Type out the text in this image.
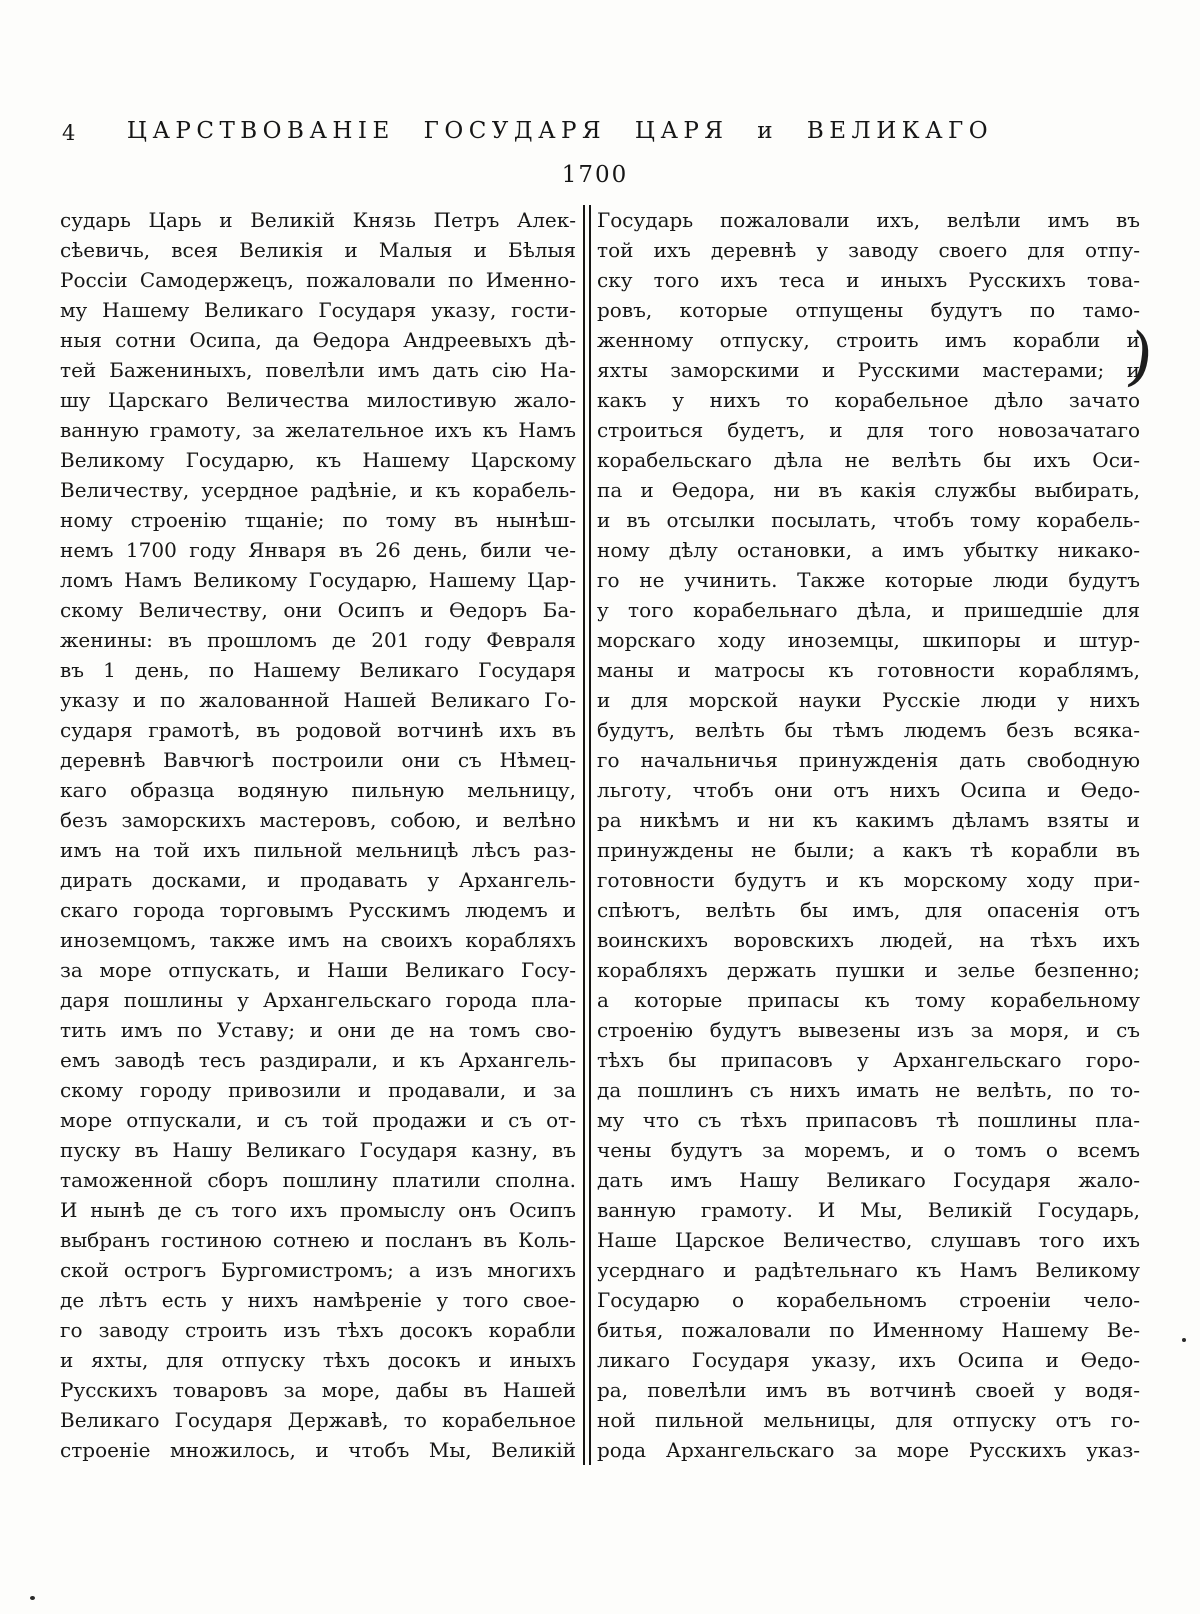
4	ЦАРСТВОВАНІЕ ГОСУДАРЯ ЦАРЯ и ВЕЛИКАГО
1700
сударь Царь и Великій Князь Петръ Алек-
сѣевичь, всея Великія и Малыя и Бѣлыя
Россіи Самодержецъ, пожаловали по Именно-
му Нашему Великаго Государя указу, гости-
ныя сотни Осипа, да Ѳедора Андреевыхъ дѣ-
тей Бажениныхъ, повелѣли имъ дать сію На-
шу Царскаго Величества милостивую жало-
ванную грамоту, за желательное ихъ къ Намъ
Великому Государю, къ Нашему Царскому
Величеству, усердное радѣніе, и къ корабель-
ному строенію тщаніе; по тому въ нынѣш-
немъ 1700 году Января въ 26 день, били че-
ломъ Намъ Великому Государю, Нашему Цар-
скому Величеству, они Осипъ и Ѳедоръ Ба-
женины: въ прошломъ де 201 году Февраля
въ 1 день, по Нашему Великаго Государя
указу и по жалованной Нашей Великаго Го-
сударя грамотѣ, въ родовой вотчинѣ ихъ въ
деревнѣ Вавчюгѣ построили они съ Нѣмец-
каго образца водяную пильную мельницу,
безъ заморскихъ мастеровъ, собою, и велѣно
имъ на той ихъ пильной мельницѣ лѣсъ раз-
дирать досками, и продавать у Архангель-
скаго города торговымъ Русскимъ людемъ и
иноземцомъ, также имъ на своихъ корабляхъ
за море отпускать, и Наши Великаго Госу-
даря пошлины у Архангельскаго города пла-
тить имъ по Уставу; и они де на томъ сво-
емъ заводѣ тесъ раздирали, и къ Архангель-
скому городу привозили и продавали, и за
море отпускали, и съ той продажи и съ от-
пуску въ Нашу Великаго Государя казну, въ
таможенной сборъ пошлину платили сполна.
И нынѣ де съ того ихъ промыслу онъ Осипъ
выбранъ гостиною сотнею и посланъ въ Коль-
ской острогъ Бургомистромъ; а изъ многихъ
де лѣтъ есть у нихъ намѣреніе у того свое-
го заводу строить изъ тѣхъ досокъ корабли
и яхты, для отпуску тѣхъ досокъ и иныхъ
Русскихъ товаровъ за море, дабы въ Нашей
Великаго Государя Державѣ, то корабельное
строеніе множилось, и чтобъ Мы, Великій
Государь пожаловали ихъ, велѣли имъ въ
той ихъ деревнѣ у заводу своего для отпу-
ску того ихъ теса и иныхъ Русскихъ това-
ровъ, которые отпущены будутъ по тамо-
женному отпуску, строить имъ корабли и
яхты заморскими и Русскими мастерами; и
какъ у нихъ то корабельное дѣло зачато
строиться будетъ, и для того новозачатаго
корабельскаго дѣла не велѣть бы ихъ Оси-
па и Ѳедора, ни въ какія службы выбирать,
и въ отсылки посылать, чтобъ тому корабель-
ному дѣлу остановки, а имъ убытку никако-
го не учинить. Также которые люди будутъ
у того корабельнаго дѣла, и пришедшіе для
морскаго ходу иноземцы, шкипоры и штур-
маны и матросы къ готовности кораблямъ,
и для морской науки Русскіе люди у нихъ
будутъ, велѣть бы тѣмъ людемъ безъ всяка-
го начальничья принужденія дать свободную
льготу, чтобъ они отъ нихъ Осипа и Ѳедо-
ра никѣмъ и ни къ какимъ дѣламъ взяты и
принуждены не были; а какъ тѣ корабли въ
готовности будутъ и къ морскому ходу при-
спѣютъ, велѣть бы имъ, для опасенія отъ
воинскихъ воровскихъ людей, на тѣхъ ихъ
корабляхъ держать пушки и зелье безпенно;
а которые припасы къ тому корабельному
строенію будутъ вывезены изъ за моря, и съ
тѣхъ бы припасовъ у Архангельскаго горо-
да пошлинъ съ нихъ имать не велѣть, по то-
му что съ тѣхъ припасовъ тѣ пошлины пла-
чены будутъ за моремъ, и о томъ о всемъ
дать имъ Нашу Великаго Государя жало-
ванную грамоту. И Мы, Великій Государь,
Наше Царское Величество, слушавъ того ихъ
усерднаго и радѣтельнаго къ Намъ Великому
Государю о корабельномъ строеніи чело-
битья, пожаловали по Именному Нашему Ве-
ликаго Государя указу, ихъ Осипа и Ѳедо-
ра, повелѣли имъ въ вотчинѣ своей у водя-
ной пильной мельницы, для отпуску отъ го-
рода Архангельскаго за море Русскихъ указ-
)
